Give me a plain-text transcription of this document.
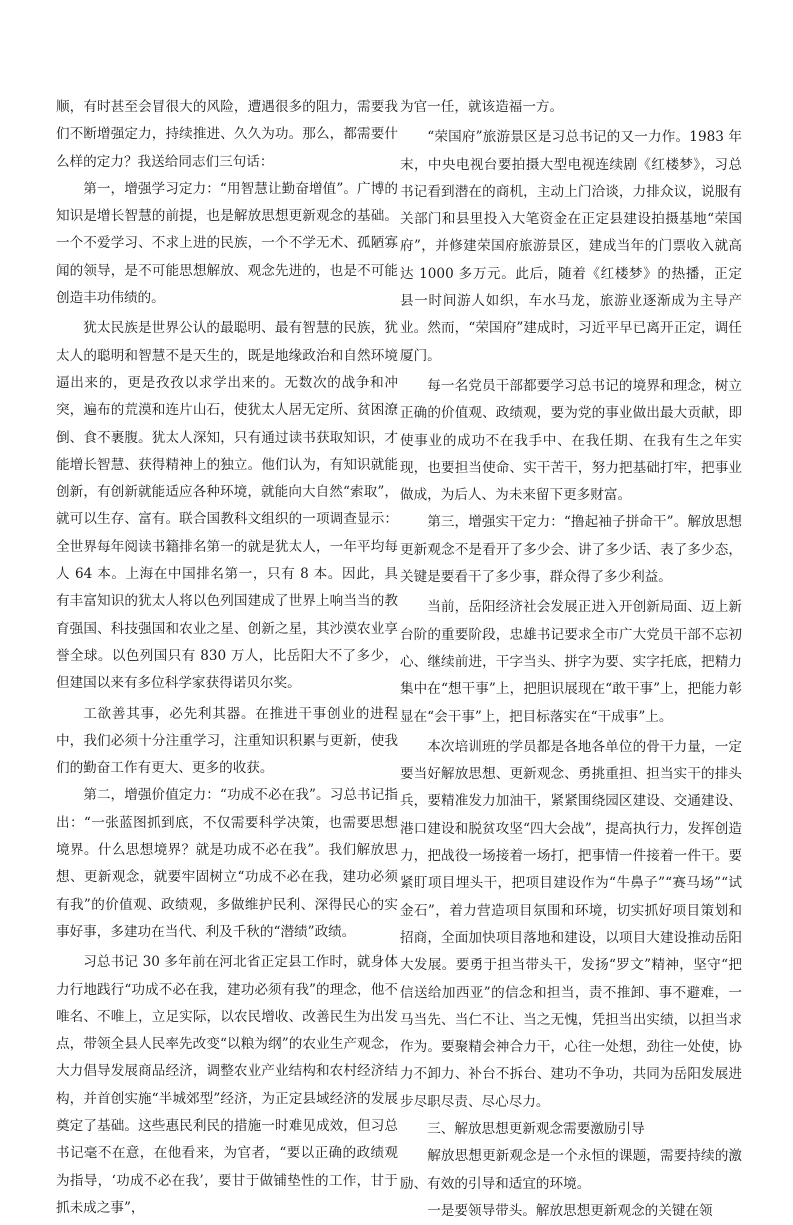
顺，有时甚至会冒很大的风险，遭遇很多的阻力，需要我们不断增强定力，持续推进、久久为功。那么，都需要什么样的定力？我送给同志们三句话：

第一，增强学习定力：“用智慧让勤奋增值”。广博的知识是增长智慧的前提，也是解放思想更新观念的基础。一个不爱学习、不求上进的民族，一个不学无术、孤陋寡闻的领导，是不可能思想解放、观念先进的，也是不可能创造丰功伟绩的。

犹太民族是世界公认的最聪明、最有智慧的民族，犹太人的聪明和智慧不是天生的，既是地缘政治和自然环境逼出来的，更是孜孜以求学出来的。无数次的战争和冲突，遍布的荒漠和连片山石，使犹太人居无定所、贫困潦倒、食不裹腹。犹太人深知，只有通过读书获取知识，才能增长智慧、获得精神上的独立。他们认为，有知识就能创新，有创新就能适应各种环境，就能向大自然“索取”，就可以生存、富有。联合国教科文组织的一项调查显示：全世界每年阅读书籍排名第一的就是犹太人，一年平均每人 64 本。上海在中国排名第一，只有 8 本。因此，具有丰富知识的犹太人将以色列国建成了世界上响当当的教育强国、科技强国和农业之星、创新之星，其沙漠农业享誉全球。以色列国只有 830 万人，比岳阳大不了多少，但建国以来有多位科学家获得诺贝尔奖。

工欲善其事，必先利其器。在推进干事创业的进程中，我们必须十分注重学习，注重知识积累与更新，使我们的勤奋工作有更大、更多的收获。

第二，增强价值定力：“功成不必在我”。习总书记指出：“一张蓝图抓到底，不仅需要科学决策，也需要思想境界。什么思想境界？就是功成不必在我”。我们解放思想、更新观念，就要牢固树立“功成不必在我，建功必须有我”的价值观、政绩观，多做维护民利、深得民心的实事好事，多建功在当代、利及千秋的“潜绩”政绩。

习总书记 30 多年前在河北省正定县工作时，就身体力行地践行“功成不必在我，建功必须有我”的理念，他不唯名、不唯上，立足实际，以农民增收、改善民生为出发点，带领全县人民率先改变“以粮为纲”的农业生产观念，大力倡导发展商品经济，调整农业产业结构和农村经济结构，并首创实施“半城郊型”经济，为正定县域经济的发展奠定了基础。这些惠民利民的措施一时难见成效，但习总书记毫不在意，在他看来，为官者，“要以正确的政绩观为指导，‘功成不必在我’，要甘于做铺垫性的工作，甘于抓未成之事”，

为官一任，就该造福一方。

“荣国府”旅游景区是习总书记的又一力作。1983 年末，中央电视台要拍摄大型电视连续剧《红楼梦》，习总书记看到潜在的商机，主动上门洽谈，力排众议，说服有关部门和县里投入大笔资金在正定县建设拍摄基地“荣国府”，并修建荣国府旅游景区，建成当年的门票收入就高达 1000 多万元。此后，随着《红楼梦》的热播，正定县一时间游人如织，车水马龙，旅游业逐渐成为主导产业。然而，“荣国府”建成时，习近平早已离开正定，调任厦门。

每一名党员干部都要学习总书记的境界和理念，树立正确的价值观、政绩观，要为党的事业做出最大贡献，即使事业的成功不在我手中、在我任期、在我有生之年实现，也要担当使命、实干苦干，努力把基础打牢，把事业做成，为后人、为未来留下更多财富。

第三，增强实干定力：“撸起袖子拼命干”。解放思想更新观念不是看开了多少会、讲了多少话、表了多少态，关键是要看干了多少事，群众得了多少利益。

当前，岳阳经济社会发展正进入开创新局面、迈上新台阶的重要阶段，忠雄书记要求全市广大党员干部不忘初心、继续前进，干字当头、拼字为要、实字托底，把精力集中在“想干事”上，把胆识展现在“敢干事”上，把能力彰显在“会干事”上，把目标落实在“干成事”上。

本次培训班的学员都是各地各单位的骨干力量，一定要当好解放思想、更新观念、勇挑重担、担当实干的排头兵，要精准发力加油干，紧紧围绕园区建设、交通建设、港口建设和脱贫攻坚“四大会战”，提高执行力，发挥创造力，把战役一场接着一场打，把事情一件接着一件干。要紧盯项目埋头干，把项目建设作为“牛鼻子”“赛马场”“试金石”，着力营造项目氛围和环境，切实抓好项目策划和招商，全面加快项目落地和建设，以项目大建设推动岳阳大发展。要勇于担当带头干，发扬“罗文”精神，坚守“把信送给加西亚”的信念和担当，责不推卸、事不避难，一马当先、当仁不让、当之无愧，凭担当出实绩，以担当求作为。要聚精会神合力干，心往一处想，劲往一处使，协力不卸力、补台不拆台、建功不争功，共同为岳阳发展进步尽职尽责、尽心尽力。

三、解放思想更新观念需要激励引导

解放思想更新观念是一个永恒的课题，需要持续的激励、有效的引导和适宜的环境。

一是要领导带头。解放思想更新观念的关键在领
